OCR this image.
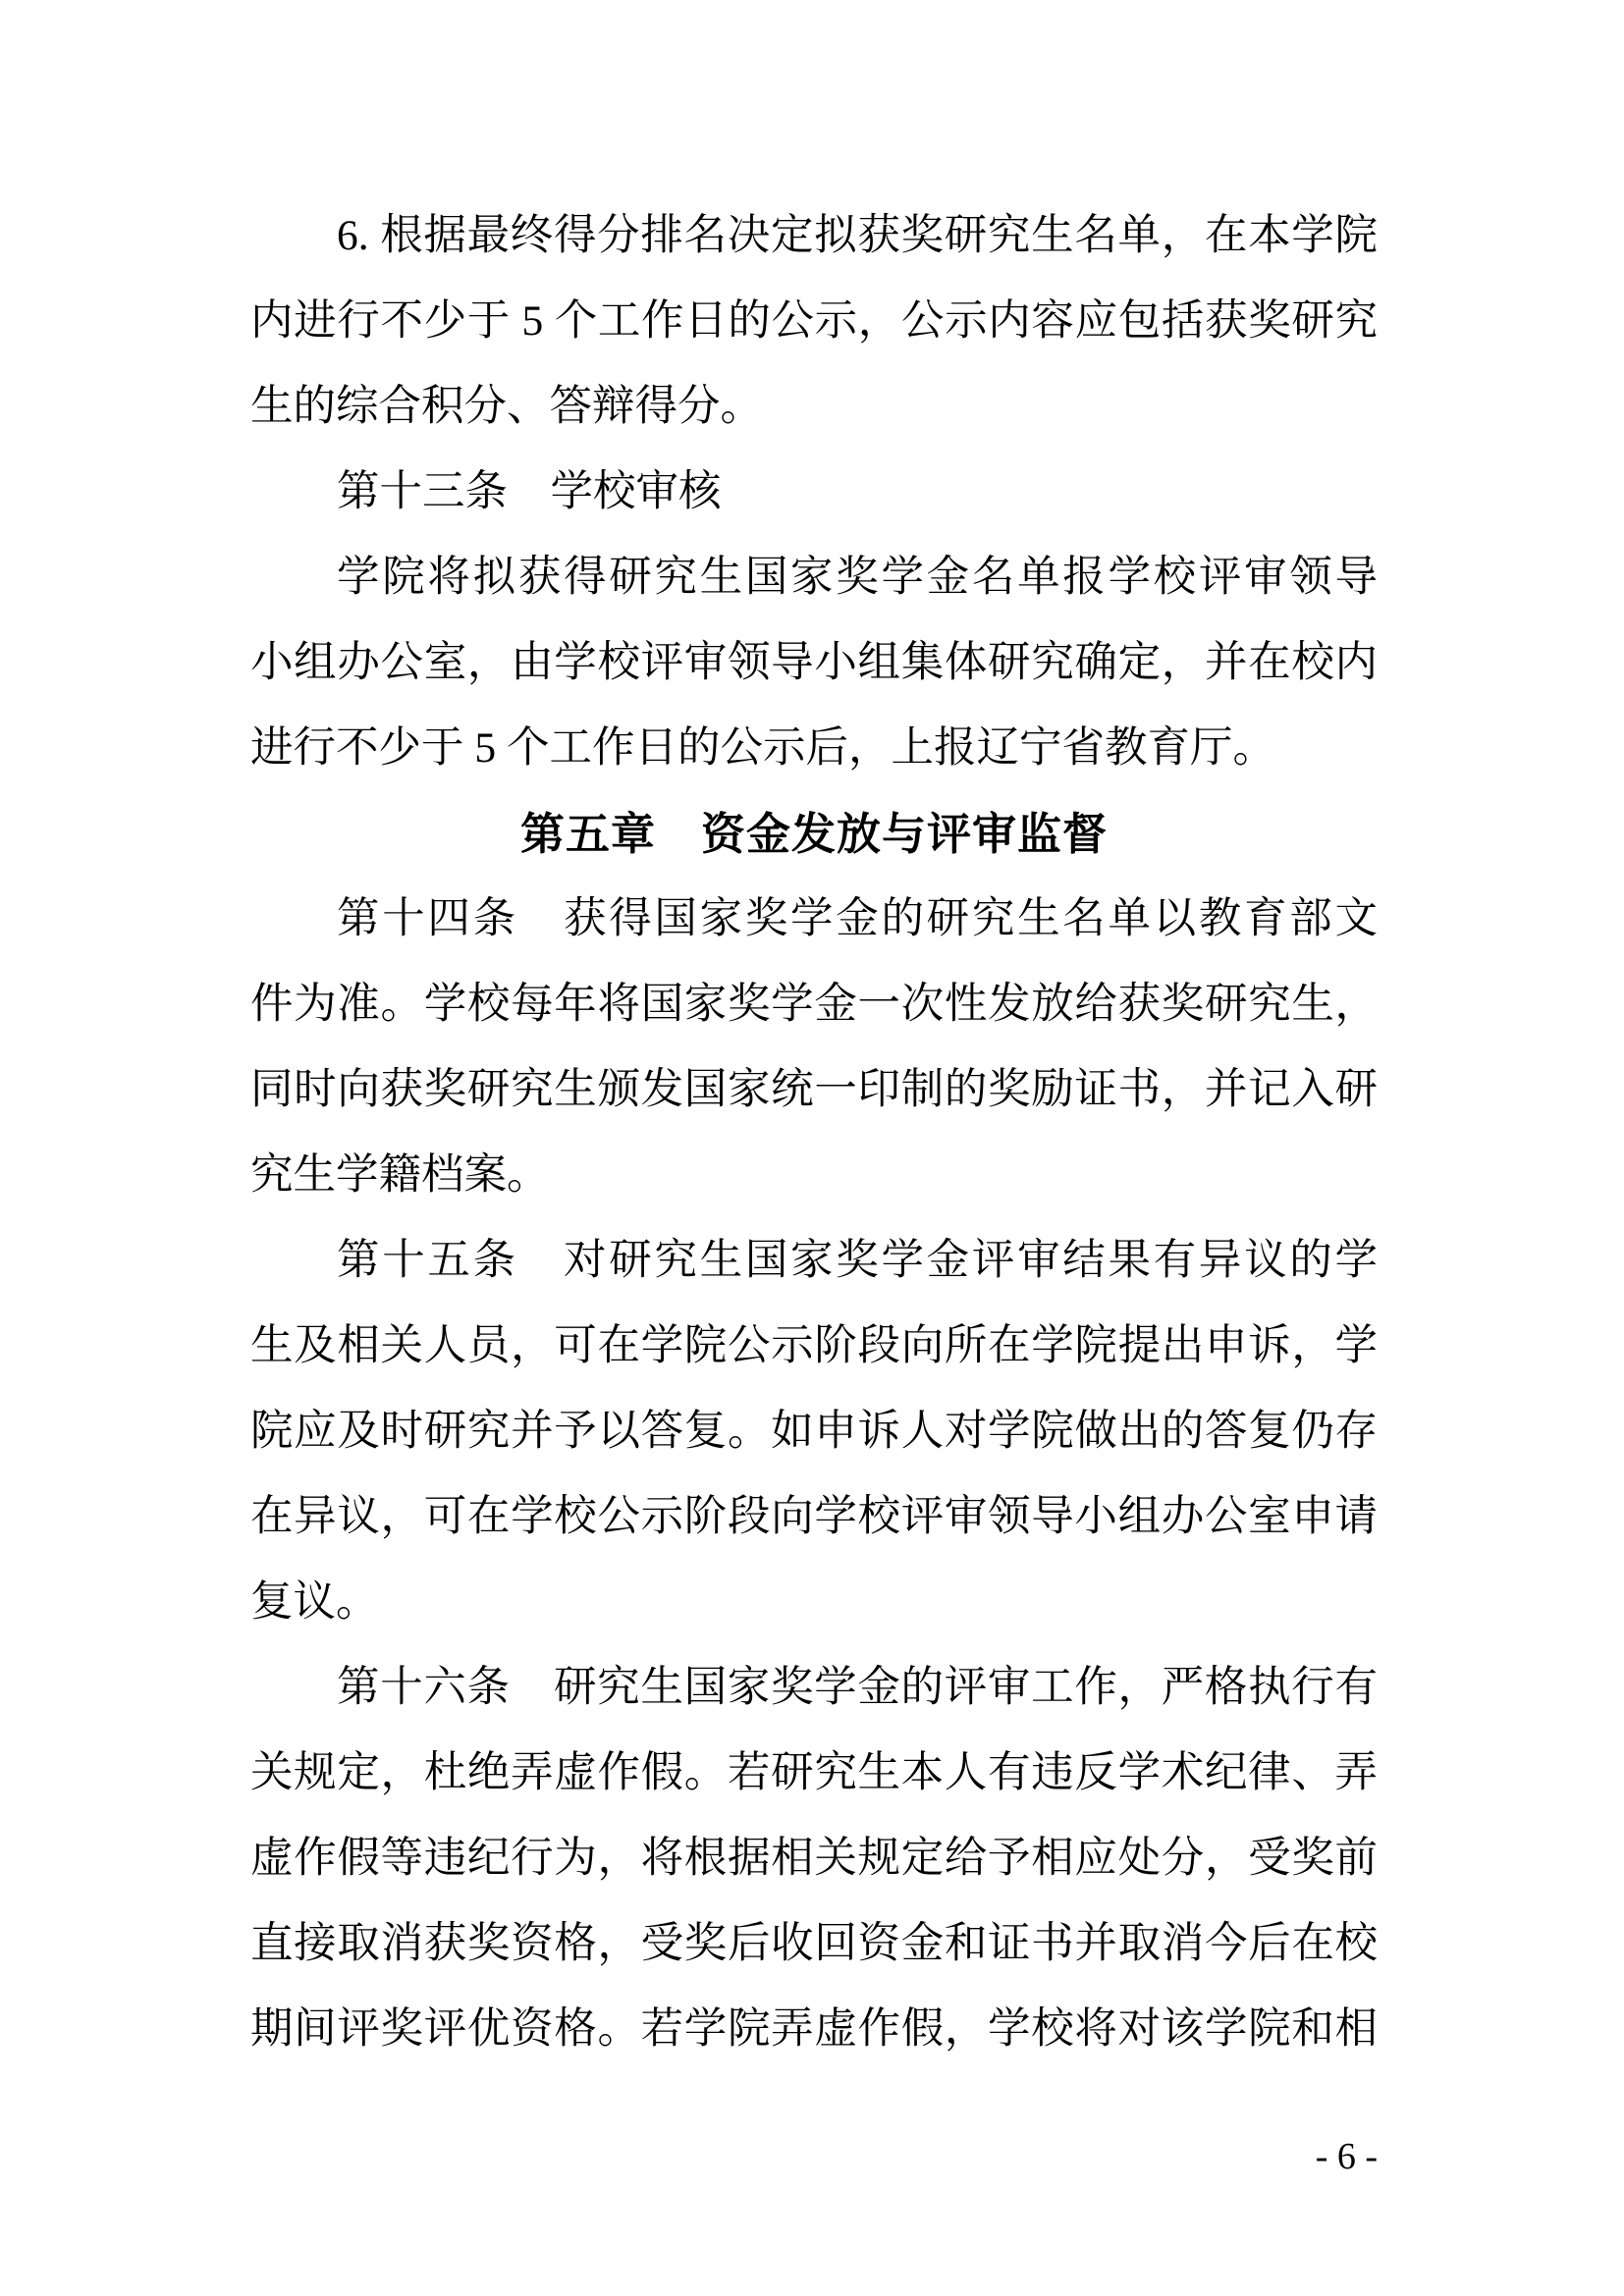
6. 根据最终得分排名决定拟获奖研究生名单，在本学院
内进行不少于 5 个工作日的公示，公示内容应包括获奖研究
生的综合积分、答辩得分。
第十三条　学校审核
学院将拟获得研究生国家奖学金名单报学校评审领导
小组办公室，由学校评审领导小组集体研究确定，并在校内
进行不少于 5 个工作日的公示后，上报辽宁省教育厅。
第五章　资金发放与评审监督
第十四条　获得国家奖学金的研究生名单以教育部文
件为准。学校每年将国家奖学金一次性发放给获奖研究生，
同时向获奖研究生颁发国家统一印制的奖励证书，并记入研
究生学籍档案。
第十五条　对研究生国家奖学金评审结果有异议的学
生及相关人员，可在学院公示阶段向所在学院提出申诉，学
院应及时研究并予以答复。如申诉人对学院做出的答复仍存
在异议，可在学校公示阶段向学校评审领导小组办公室申请
复议。
第十六条　研究生国家奖学金的评审工作，严格执行有
关规定，杜绝弄虚作假。若研究生本人有违反学术纪律、弄
虚作假等违纪行为，将根据相关规定给予相应处分，受奖前
直接取消获奖资格，受奖后收回资金和证书并取消今后在校
期间评奖评优资格。若学院弄虚作假，学校将对该学院和相
- 6 -
